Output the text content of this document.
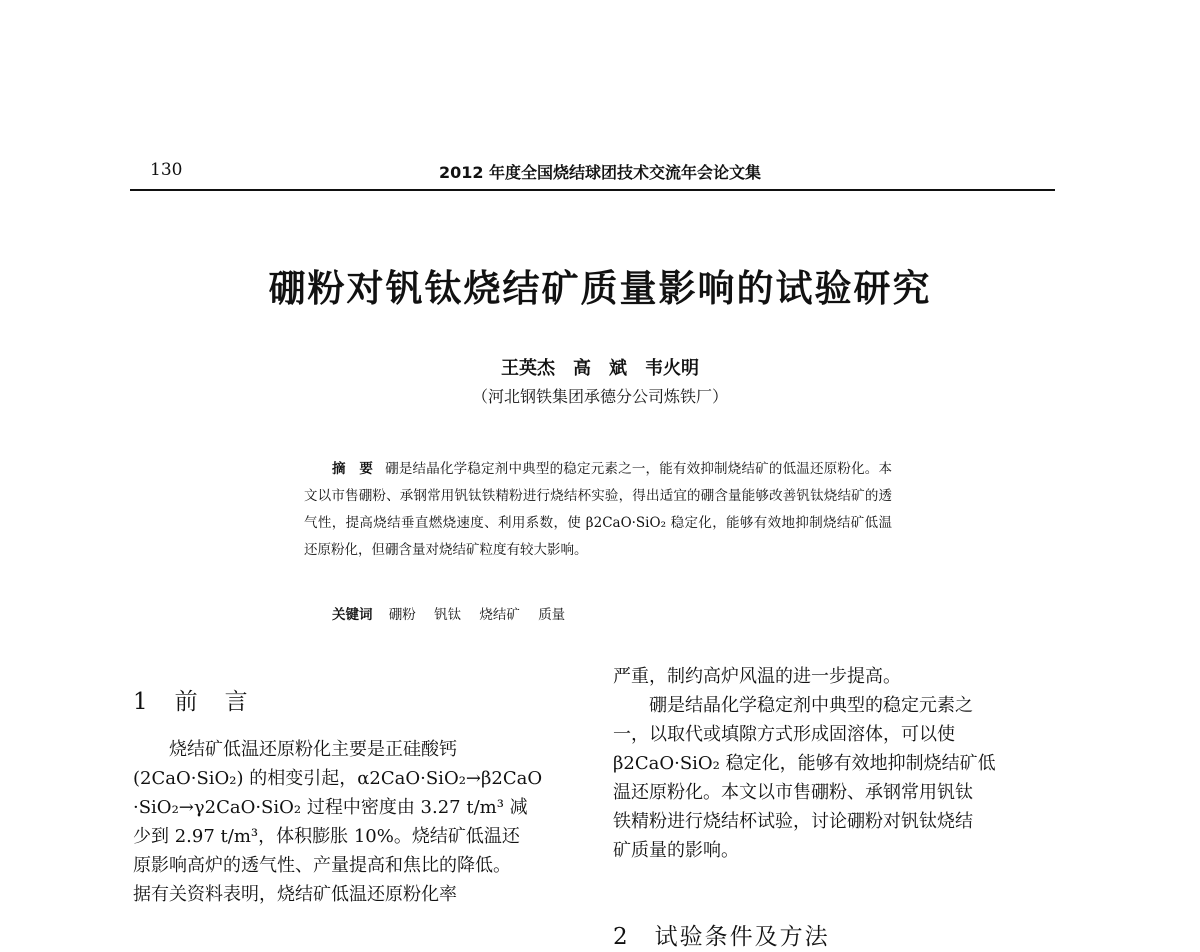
130	2012 年度全国烧结球团技术交流年会论文集
硼粉对钒钛烧结矿质量影响的试验研究
王英杰　高　斌　韦火明
（河北钢铁集团承德分公司炼铁厂）
摘　要 硼是结晶化学稳定剂中典型的稳定元素之一，能有效抑制烧结矿的低温还原粉化。本文以市售硼粉、承钢常用钒钛铁精粉进行烧结杯实验，得出适宜的硼含量能够改善钒钛烧结矿的透气性，提高烧结垂直燃烧速度、利用系数，使 β2CaO·SiO₂ 稳定化，能够有效地抑制烧结矿低温还原粉化，但硼含量对烧结矿粒度有较大影响。
关键词 硼粉 钒钛 烧结矿 质量
1　前　言
烧结矿低温还原粉化主要是正硅酸钙
(2CaO·SiO₂) 的相变引起，α2CaO·SiO₂→β2CaO
·SiO₂→γ2CaO·SiO₂ 过程中密度由 3.27 t/m³ 减
少到 2.97 t/m³，体积膨胀 10%。烧结矿低温还
原影响高炉的透气性、产量提高和焦比的降低。
据有关资料表明，烧结矿低温还原粉化率
严重，制约高炉风温的进一步提高。
硼是结晶化学稳定剂中典型的稳定元素之
一，以取代或填隙方式形成固溶体，可以使
β2CaO·SiO₂ 稳定化，能够有效地抑制烧结矿低
温还原粉化。本文以市售硼粉、承钢常用钒钛
铁精粉进行烧结杯试验，讨论硼粉对钒钛烧结
矿质量的影响。
2　试验条件及方法
